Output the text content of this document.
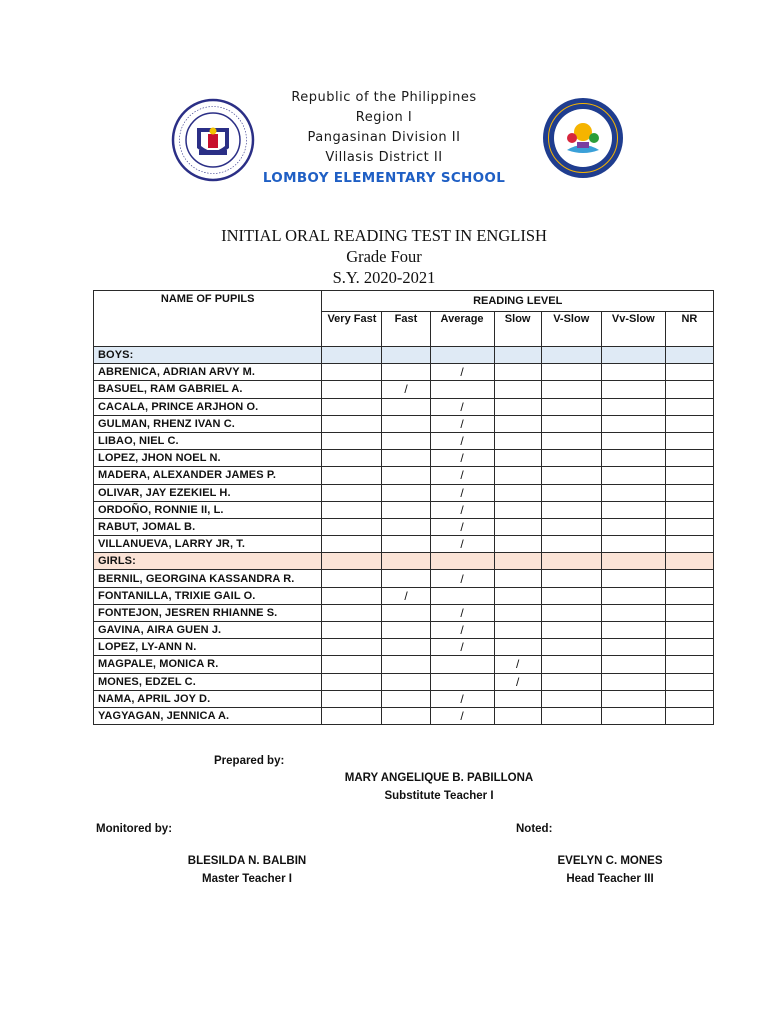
Republic of the Philippines
Region I
Pangasinan Division II
Villasis District II
LOMBOY ELEMENTARY SCHOOL
INITIAL ORAL READING TEST IN ENGLISH
Grade Four
S.Y. 2020-2021
NAME OF PUPILS	READING LEVEL						
	Very Fast	Fast	Average	Slow	V-Slow	Vv-Slow	NR
BOYS:							
ABRENICA, ADRIAN ARVY M.			/				
BASUEL, RAM GABRIEL A.		/					
CACALA, PRINCE ARJHON O.			/				
GULMAN, RHENZ IVAN C.			/				
LIBAO, NIEL C.			/				
LOPEZ, JHON NOEL N.			/				
MADERA, ALEXANDER JAMES P.			/				
OLIVAR, JAY EZEKIEL H.			/				
ORDOÑO, RONNIE II, L.			/				
RABUT, JOMAL B.			/				
VILLANUEVA, LARRY JR, T.			/				
GIRLS:							
BERNIL, GEORGINA KASSANDRA R.			/				
FONTANILLA, TRIXIE GAIL O.		/					
FONTEJON, JESREN RHIANNE S.			/				
GAVINA, AIRA GUEN J.			/				
LOPEZ, LY-ANN N.			/				
MAGPALE, MONICA R.				/			
MONES, EDZEL C.				/			
NAMA, APRIL JOY D.			/				
YAGYAGAN, JENNICA A.			/				
Prepared by:
MARY ANGELIQUE B. PABILLONA
Substitute Teacher I
Monitored by:	Noted:
BLESILDA N. BALBIN
Master Teacher I
EVELYN C. MONES
Head Teacher III
